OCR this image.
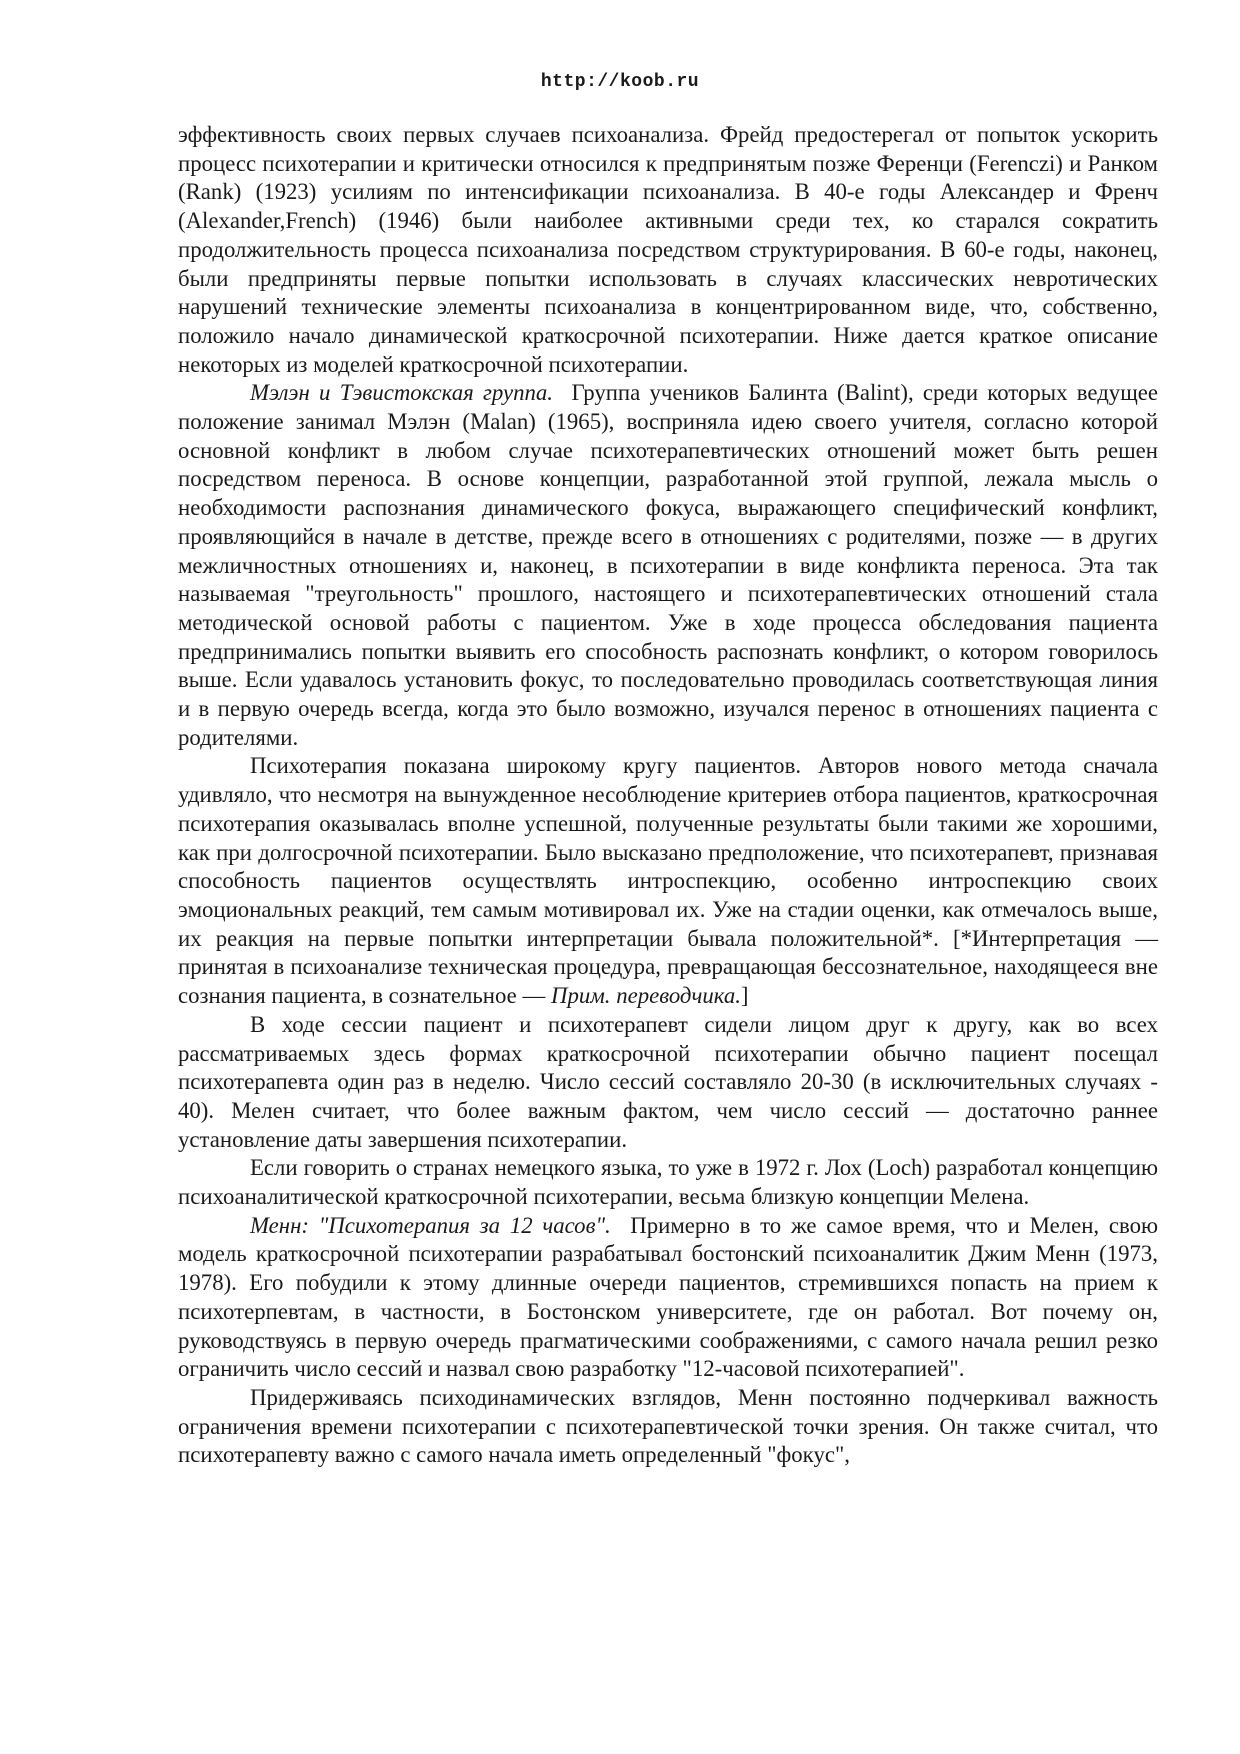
http://koob.ru

эффективность своих первых случаев психоанализа. Фрейд предостерегал от попыток ускорить процесс психотерапии и критически относился к предпринятым позже Ференци (Ferenczi) и Ранком (Rank) (1923) усилиям по интенсификации психоанализа. В 40-е годы Александер и Френч (Alexander,French) (1946) были наиболее активными среди тех, ко старался сократить продолжительность процесса психоанализа посредством структурирования. В 60-е годы, наконец, были предприняты первые попытки использовать в случаях классических невротических нарушений технические элементы психоанализа в концентрированном виде, что, собственно, положило начало динамической краткосрочной психотерапии. Ниже дается краткое описание некоторых из моделей краткосрочной психотерапии.

Мэлэн и Тэвистокская группа.  Группа учеников Балинта (Balint), среди которых ведущее положение занимал Мэлэн (Malan) (1965), восприняла идею своего учителя, согласно которой основной конфликт в любом случае психотерапевтических отношений может быть решен посредством переноса. В основе концепции, разработанной этой группой, лежала мысль о необходимости распознания динамического фокуса, выражающего специфический конфликт, проявляющийся в начале в детстве, прежде всего в отношениях с родителями, позже — в других межличностных отношениях и, наконец, в психотерапии в виде конфликта переноса. Эта так называемая "треугольность" прошлого, настоящего и психотерапевтических отношений стала методической основой работы с пациентом. Уже в ходе процесса обследования пациента предпринимались попытки выявить его способность распознать конфликт, о котором говорилось выше. Если удавалось установить фокус, то последовательно проводилась соответствующая линия и в первую очередь всегда, когда это было возможно, изучался перенос в отношениях пациента с родителями.

Психотерапия показана широкому кругу пациентов. Авторов нового метода сначала удивляло, что несмотря на вынужденное несоблюдение критериев отбора пациентов, краткосрочная психотерапия оказывалась вполне успешной, полученные результаты были такими же хорошими, как при долгосрочной психотерапии. Было высказано предположение, что психотерапевт, признавая способность пациентов осуществлять интроспекцию, особенно интроспекцию своих эмоциональных реакций, тем самым мотивировал их. Уже на стадии оценки, как отмечалось выше, их реакция на первые попытки интерпретации бывала положительной*. [*Интерпретация — принятая в психоанализе техническая процедура, превращающая бессознательное, находящееся вне сознания пациента, в сознательное — Прим. переводчика.]

В ходе сессии пациент и психотерапевт сидели лицом друг к другу, как во всех рассматриваемых здесь формах краткосрочной психотерапии обычно пациент посещал психотерапевта один раз в неделю. Число сессий составляло 20-30 (в исключительных случаях - 40). Мелен считает, что более важным фактом, чем число сессий — достаточно раннее установление даты завершения психотерапии.

Если говорить о странах немецкого языка, то уже в 1972 г. Лох (Loch) разработал концепцию психоаналитической краткосрочной психотерапии, весьма близкую концепции Мелена.

Менн: "Психотерапия за 12 часов".  Примерно в то же самое время, что и Мелен, свою модель краткосрочной психотерапии разрабатывал бостонский психоаналитик Джим Менн (1973, 1978). Его побудили к этому длинные очереди пациентов, стремившихся попасть на прием к психотерпевтам, в частности, в Бостонском университете, где он работал. Вот почему он, руководствуясь в первую очередь прагматическими соображениями, с самого начала решил резко ограничить число сессий и назвал свою разработку "12-часовой психотерапией".

Придерживаясь психодинамических взглядов, Менн постоянно подчеркивал важность ограничения времени психотерапии с психотерапевтической точки зрения. Он также считал, что психотерапевту важно с самого начала иметь определенный "фокус",
